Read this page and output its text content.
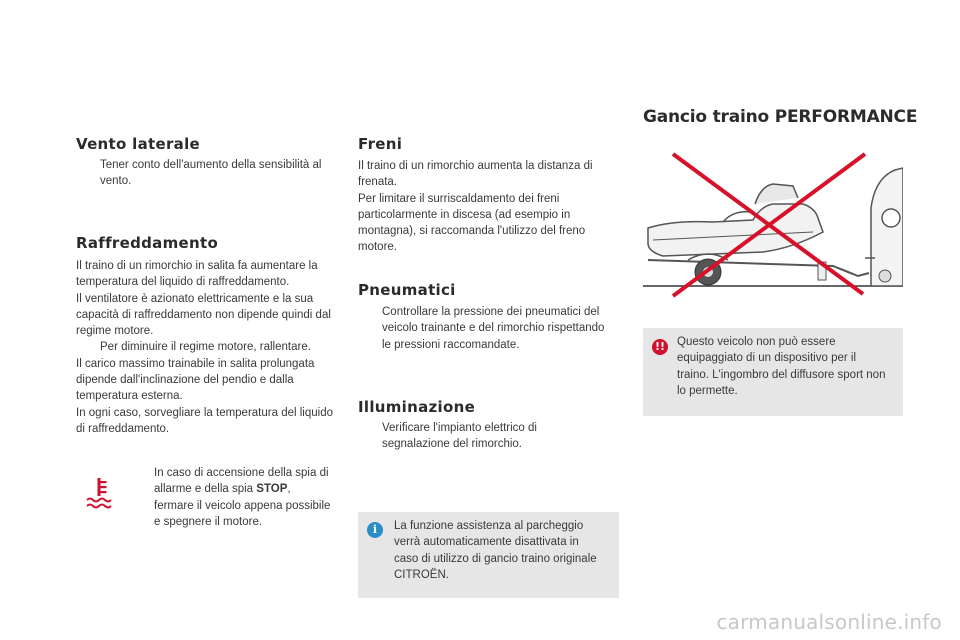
Vento laterale
Tener conto dell'aumento della sensibilità al vento.
Raffreddamento
Il traino di un rimorchio in salita fa aumentare la temperatura del liquido di raffreddamento.
Il ventilatore è azionato elettricamente e la sua capacità di raffreddamento non dipende quindi dal regime motore.
Per diminuire il regime motore, rallentare.
Il carico massimo trainabile in salita prolungata dipende dall'inclinazione del pendio e dalla temperatura esterna.
In ogni caso, sorvegliare la temperatura del liquido di raffreddamento.
In caso di accensione della spia di allarme e della spia STOP, fermare il veicolo appena possibile e spegnere il motore.
Freni
Il traino di un rimorchio aumenta la distanza di frenata.
Per limitare il surriscaldamento dei freni particolarmente in discesa (ad esempio in montagna), si raccomanda l'utilizzo del freno motore.
Pneumatici
Controllare la pressione dei pneumatici del veicolo trainante e del rimorchio rispettando le pressioni raccomandate.
Illuminazione
Verificare l'impianto elettrico di segnalazione del rimorchio.
i	La funzione assistenza al parcheggio verrà automaticamente disattivata in caso di utilizzo di gancio traino originale CITROËN.
Gancio traino PERFORMANCE
!! Questo veicolo non può essere equipaggiato di un dispositivo per il traino. L'ingombro del diffusore sport non lo permette.
carmanualsonline.info
